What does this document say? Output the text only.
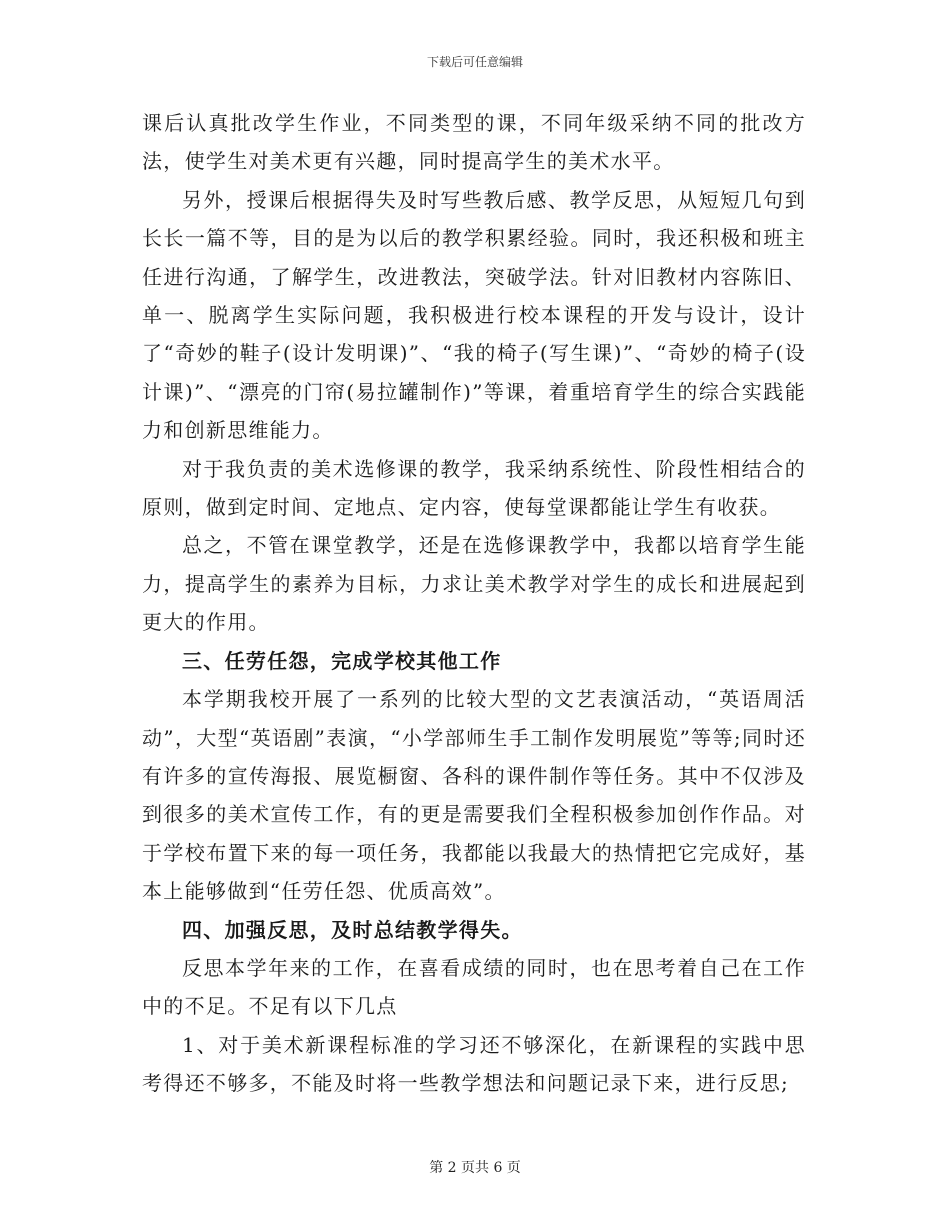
下载后可任意编辑

课后认真批改学生作业，不同类型的课，不同年级采纳不同的批改方法，使学生对美术更有兴趣，同时提高学生的美术水平。

另外，授课后根据得失及时写些教后感、教学反思，从短短几句到长长一篇不等，目的是为以后的教学积累经验。同时，我还积极和班主任进行沟通，了解学生，改进教法，突破学法。针对旧教材内容陈旧、单一、脱离学生实际问题，我积极进行校本课程的开发与设计，设计了“奇妙的鞋子(设计发明课)”、“我的椅子(写生课)”、“奇妙的椅子(设计课)”、“漂亮的门帘(易拉罐制作)”等课，着重培育学生的综合实践能力和创新思维能力。

对于我负责的美术选修课的教学，我采纳系统性、阶段性相结合的原则，做到定时间、定地点、定内容，使每堂课都能让学生有收获。

总之，不管在课堂教学，还是在选修课教学中，我都以培育学生能力，提高学生的素养为目标，力求让美术教学对学生的成长和进展起到更大的作用。

三、任劳任怨，完成学校其他工作

本学期我校开展了一系列的比较大型的文艺表演活动，“英语周活动”，大型“英语剧”表演，“小学部师生手工制作发明展览”等等;同时还有许多的宣传海报、展览橱窗、各科的课件制作等任务。其中不仅涉及到很多的美术宣传工作，有的更是需要我们全程积极参加创作作品。对于学校布置下来的每一项任务，我都能以我最大的热情把它完成好，基本上能够做到“任劳任怨、优质高效”。

四、加强反思，及时总结教学得失。

反思本学年来的工作，在喜看成绩的同时，也在思考着自己在工作中的不足。不足有以下几点

1、对于美术新课程标准的学习还不够深化，在新课程的实践中思考得还不够多，不能及时将一些教学想法和问题记录下来，进行反思;

第 2 页共 6 页
